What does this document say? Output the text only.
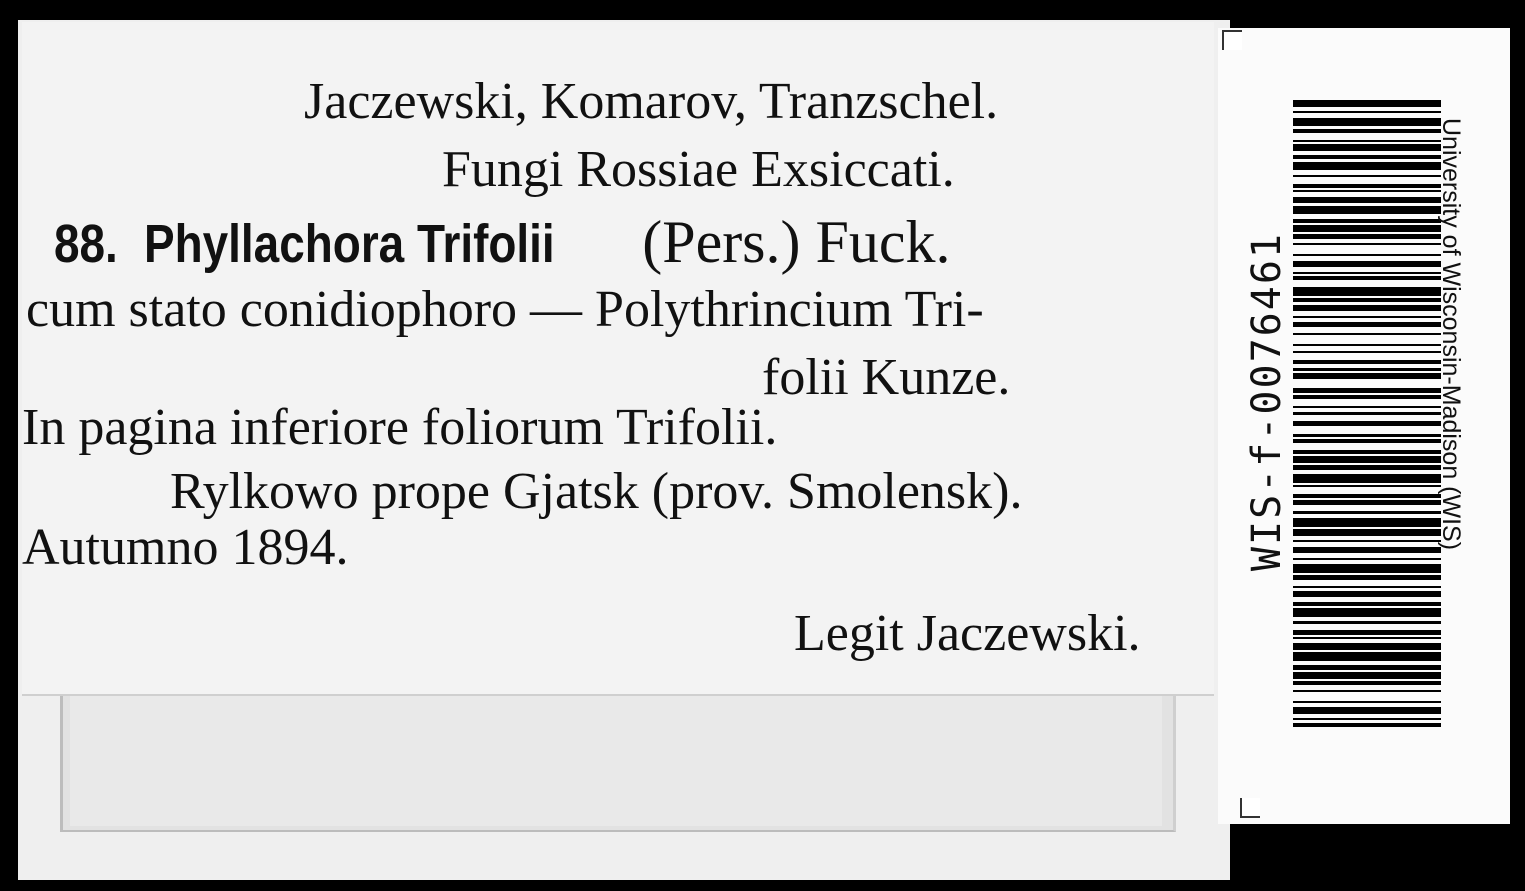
Jaczewski, Komarov, Tranzschel.
Fungi Rossiae Exsiccati.
88. Phyllachora Trifolii (Pers.) Fuck.
cum stato conidiophoro — Polythrincium Tri-
folii Kunze.
In pagina inferiore foliorum Trifolii.
Rylkowo prope Gjatsk (prov. Smolensk).
Autumno 1894.
Legit Jaczewski.
WIS-f-0076461	University of Wisconsin-Madison (WIS)
